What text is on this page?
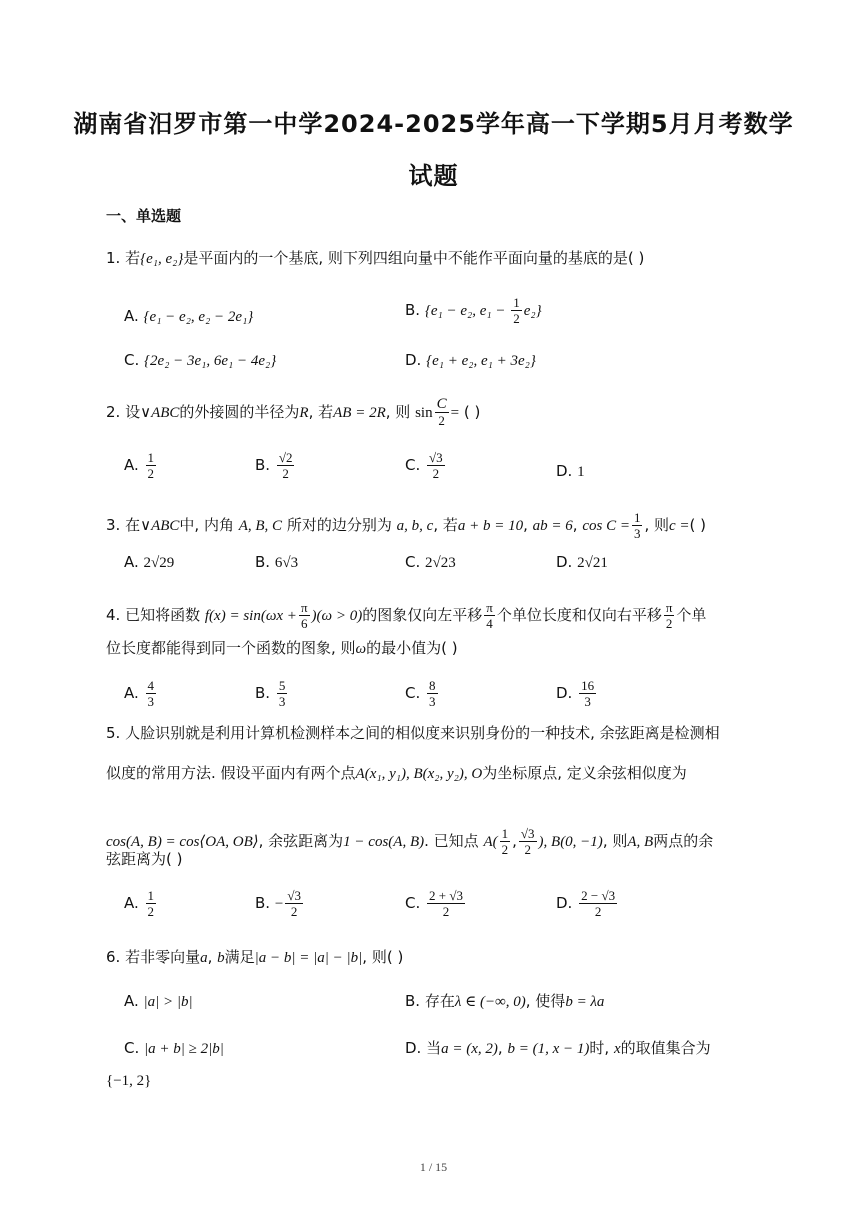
湖南省汨罗市第一中学2024-2025学年高一下学期5月月考数学
试题
一、单选题
1. 若{e₁, e₂}是平面内的一个基底, 则下列四组向量中不能作平面向量的基底的是( )
A. {e₁ − e₂, e₂ − 2e₁}	B. {e₁ − e₂, $e_1 - \frac{1}{2} e_2$}
C. {2e₂ − 3e₁, 6e₁ − 4e₂}	D. {e₁ + e₂, e₁ + 3e₂}
2. 设∨ABC的外接圆的半径为R, 若AB = 2R, 则 $\sin \frac{C}{2}$ = ( )
A. $\frac{1}{2}$	B. $\frac{√2}{2}$	C. $\frac{√3}{2}$	D. 1
3. 在∨ABC中, 内角 A, B, C 所对的边分别为 a, b, c, 若a + b = 10, ab = 6, $\cos C = \frac{1}{3}$ , 则c =( )
A. 2√29	B. 6√3	C. 2√23	D. 2√21
4. 已知将函数 $f(x) = \sin(\omega x + \frac{\pi}{6} )(\omega > 0)$的图象仅向左平移 $\frac{\pi}{4}$ 个单位长度和仅向右平移 $\frac{\pi}{2}$ 个单
位长度都能得到同一个函数的图象, 则ω的最小值为( )
A. $\frac{4}{3}$	B. $\frac{5}{3}$	C. $\frac{8}{3}$	D. $\frac{16}{3}$
5. 人脸识别就是利用计算机检测样本之间的相似度来识别身份的一种技术, 余弦距离是检测相
似度的常用方法. 假设平面内有两个点A(x₁, y₁), B(x₂, y₂), O为坐标原点, 定义余弦相似度为
cos(A, B) = cos⟨OA, OB⟩, 余弦距离为1 − cos(A, B). 已知点 $A( \frac{1}{2}$ , $\frac{√3}{2}$ ), B(0, −1), 则A, B两点的余
弦距离为( )
A. $\frac{1}{2}$	B. − $\frac{√3}{2}$	C. $\frac{2 + √3}{2}$	D. $\frac{2 - √3}{2}$
6. 若非零向量a, b满足|a − b| = |a| − |b|, 则( )
A. |a| > |b|	B. 存在λ ∈ (−∞, 0), 使得b = λa
C. |a + b| ≥ 2|b|	D. 当a = (x, 2), b = (1, x − 1)时, x的取值集合为
{−1, 2}
1 / 15
